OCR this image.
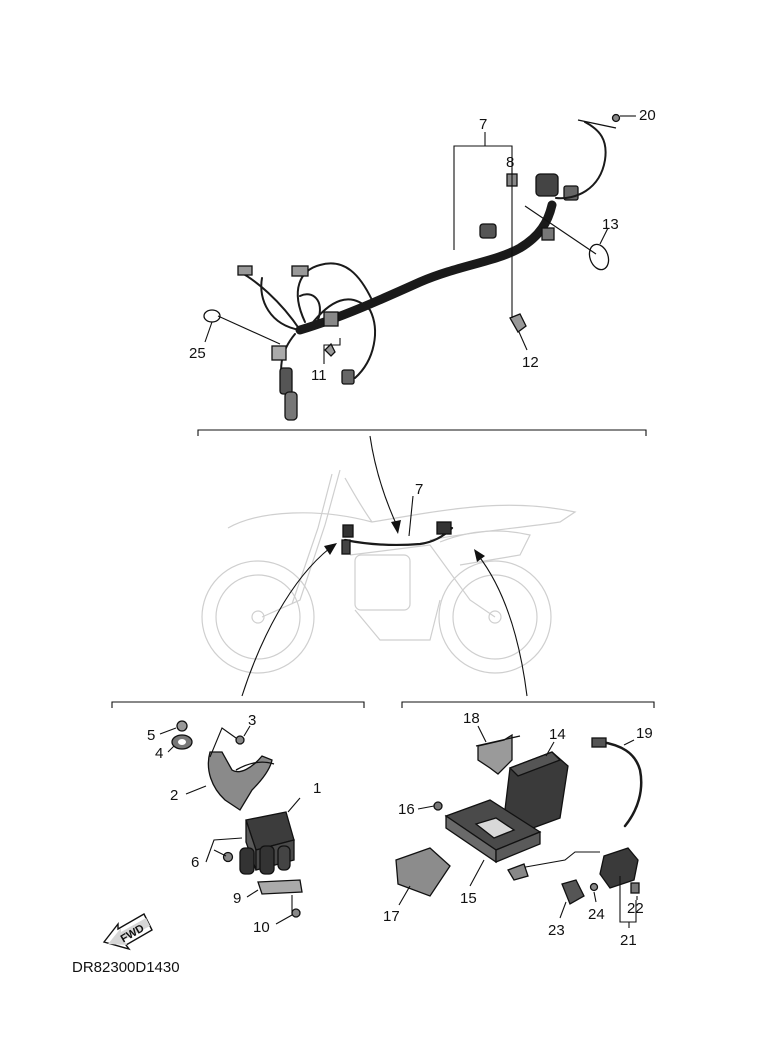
FWD
7
8
20
13
12
11
25
7
3
5
4
1
2
6
9
10
18
14	19
16
17
15
23
24 22
21
DR82300D1430
